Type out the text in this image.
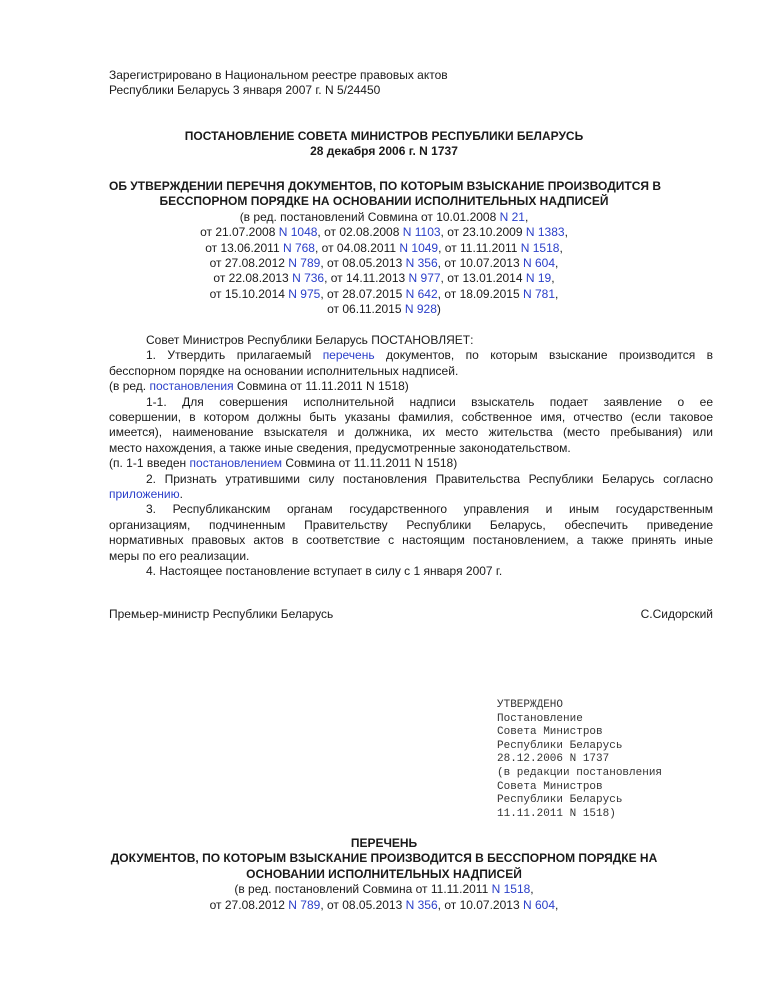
Зарегистрировано в Национальном реестре правовых актов
Республики Беларусь 3 января 2007 г. N 5/24450
ПОСТАНОВЛЕНИЕ СОВЕТА МИНИСТРОВ РЕСПУБЛИКИ БЕЛАРУСЬ
28 декабря 2006 г. N 1737
ОБ УТВЕРЖДЕНИИ ПЕРЕЧНЯ ДОКУМЕНТОВ, ПО КОТОРЫМ ВЗЫСКАНИЕ ПРОИЗВОДИТСЯ В
БЕССПОРНОМ ПОРЯДКЕ НА ОСНОВАНИИ ИСПОЛНИТЕЛЬНЫХ НАДПИСЕЙ
(в ред. постановлений Совмина от 10.01.2008 N 21,
от 21.07.2008 N 1048, от 02.08.2008 N 1103, от 23.10.2009 N 1383,
от 13.06.2011 N 768, от 04.08.2011 N 1049, от 11.11.2011 N 1518,
от 27.08.2012 N 789, от 08.05.2013 N 356, от 10.07.2013 N 604,
от 22.08.2013 N 736, от 14.11.2013 N 977, от 13.01.2014 N 19,
от 15.10.2014 N 975, от 28.07.2015 N 642, от 18.09.2015 N 781,
от 06.11.2015 N 928)
Совет Министров Республики Беларусь ПОСТАНОВЛЯЕТ:
1. Утвердить прилагаемый перечень документов, по которым взыскание производится в
бесспорном порядке на основании исполнительных надписей.
(в ред. постановления Совмина от 11.11.2011 N 1518)
1-1. Для совершения исполнительной надписи взыскатель подает заявление о ее
совершении, в котором должны быть указаны фамилия, собственное имя, отчество (если таковое
имеется), наименование взыскателя и должника, их место жительства (место пребывания) или
место нахождения, а также иные сведения, предусмотренные законодательством.
(п. 1-1 введен постановлением Совмина от 11.11.2011 N 1518)
2. Признать утратившими силу постановления Правительства Республики Беларусь согласно
приложению.
3. Республиканским органам государственного управления и иным государственным
организациям, подчиненным Правительству Республики Беларусь, обеспечить приведение
нормативных правовых актов в соответствие с настоящим постановлением, а также принять иные
меры по его реализации.
4. Настоящее постановление вступает в силу с 1 января 2007 г.
Премьер-министр Республики Беларусь	С.Сидорский
УТВЕРЖДЕНО
Постановление
Совета Министров
Республики Беларусь
28.12.2006 N 1737
(в редакции постановления
Совета Министров
Республики Беларусь
11.11.2011 N 1518)
ПЕРЕЧЕНЬ
ДОКУМЕНТОВ, ПО КОТОРЫМ ВЗЫСКАНИЕ ПРОИЗВОДИТСЯ В БЕССПОРНОМ ПОРЯДКЕ НА
ОСНОВАНИИ ИСПОЛНИТЕЛЬНЫХ НАДПИСЕЙ
(в ред. постановлений Совмина от 11.11.2011 N 1518,
от 27.08.2012 N 789, от 08.05.2013 N 356, от 10.07.2013 N 604,
